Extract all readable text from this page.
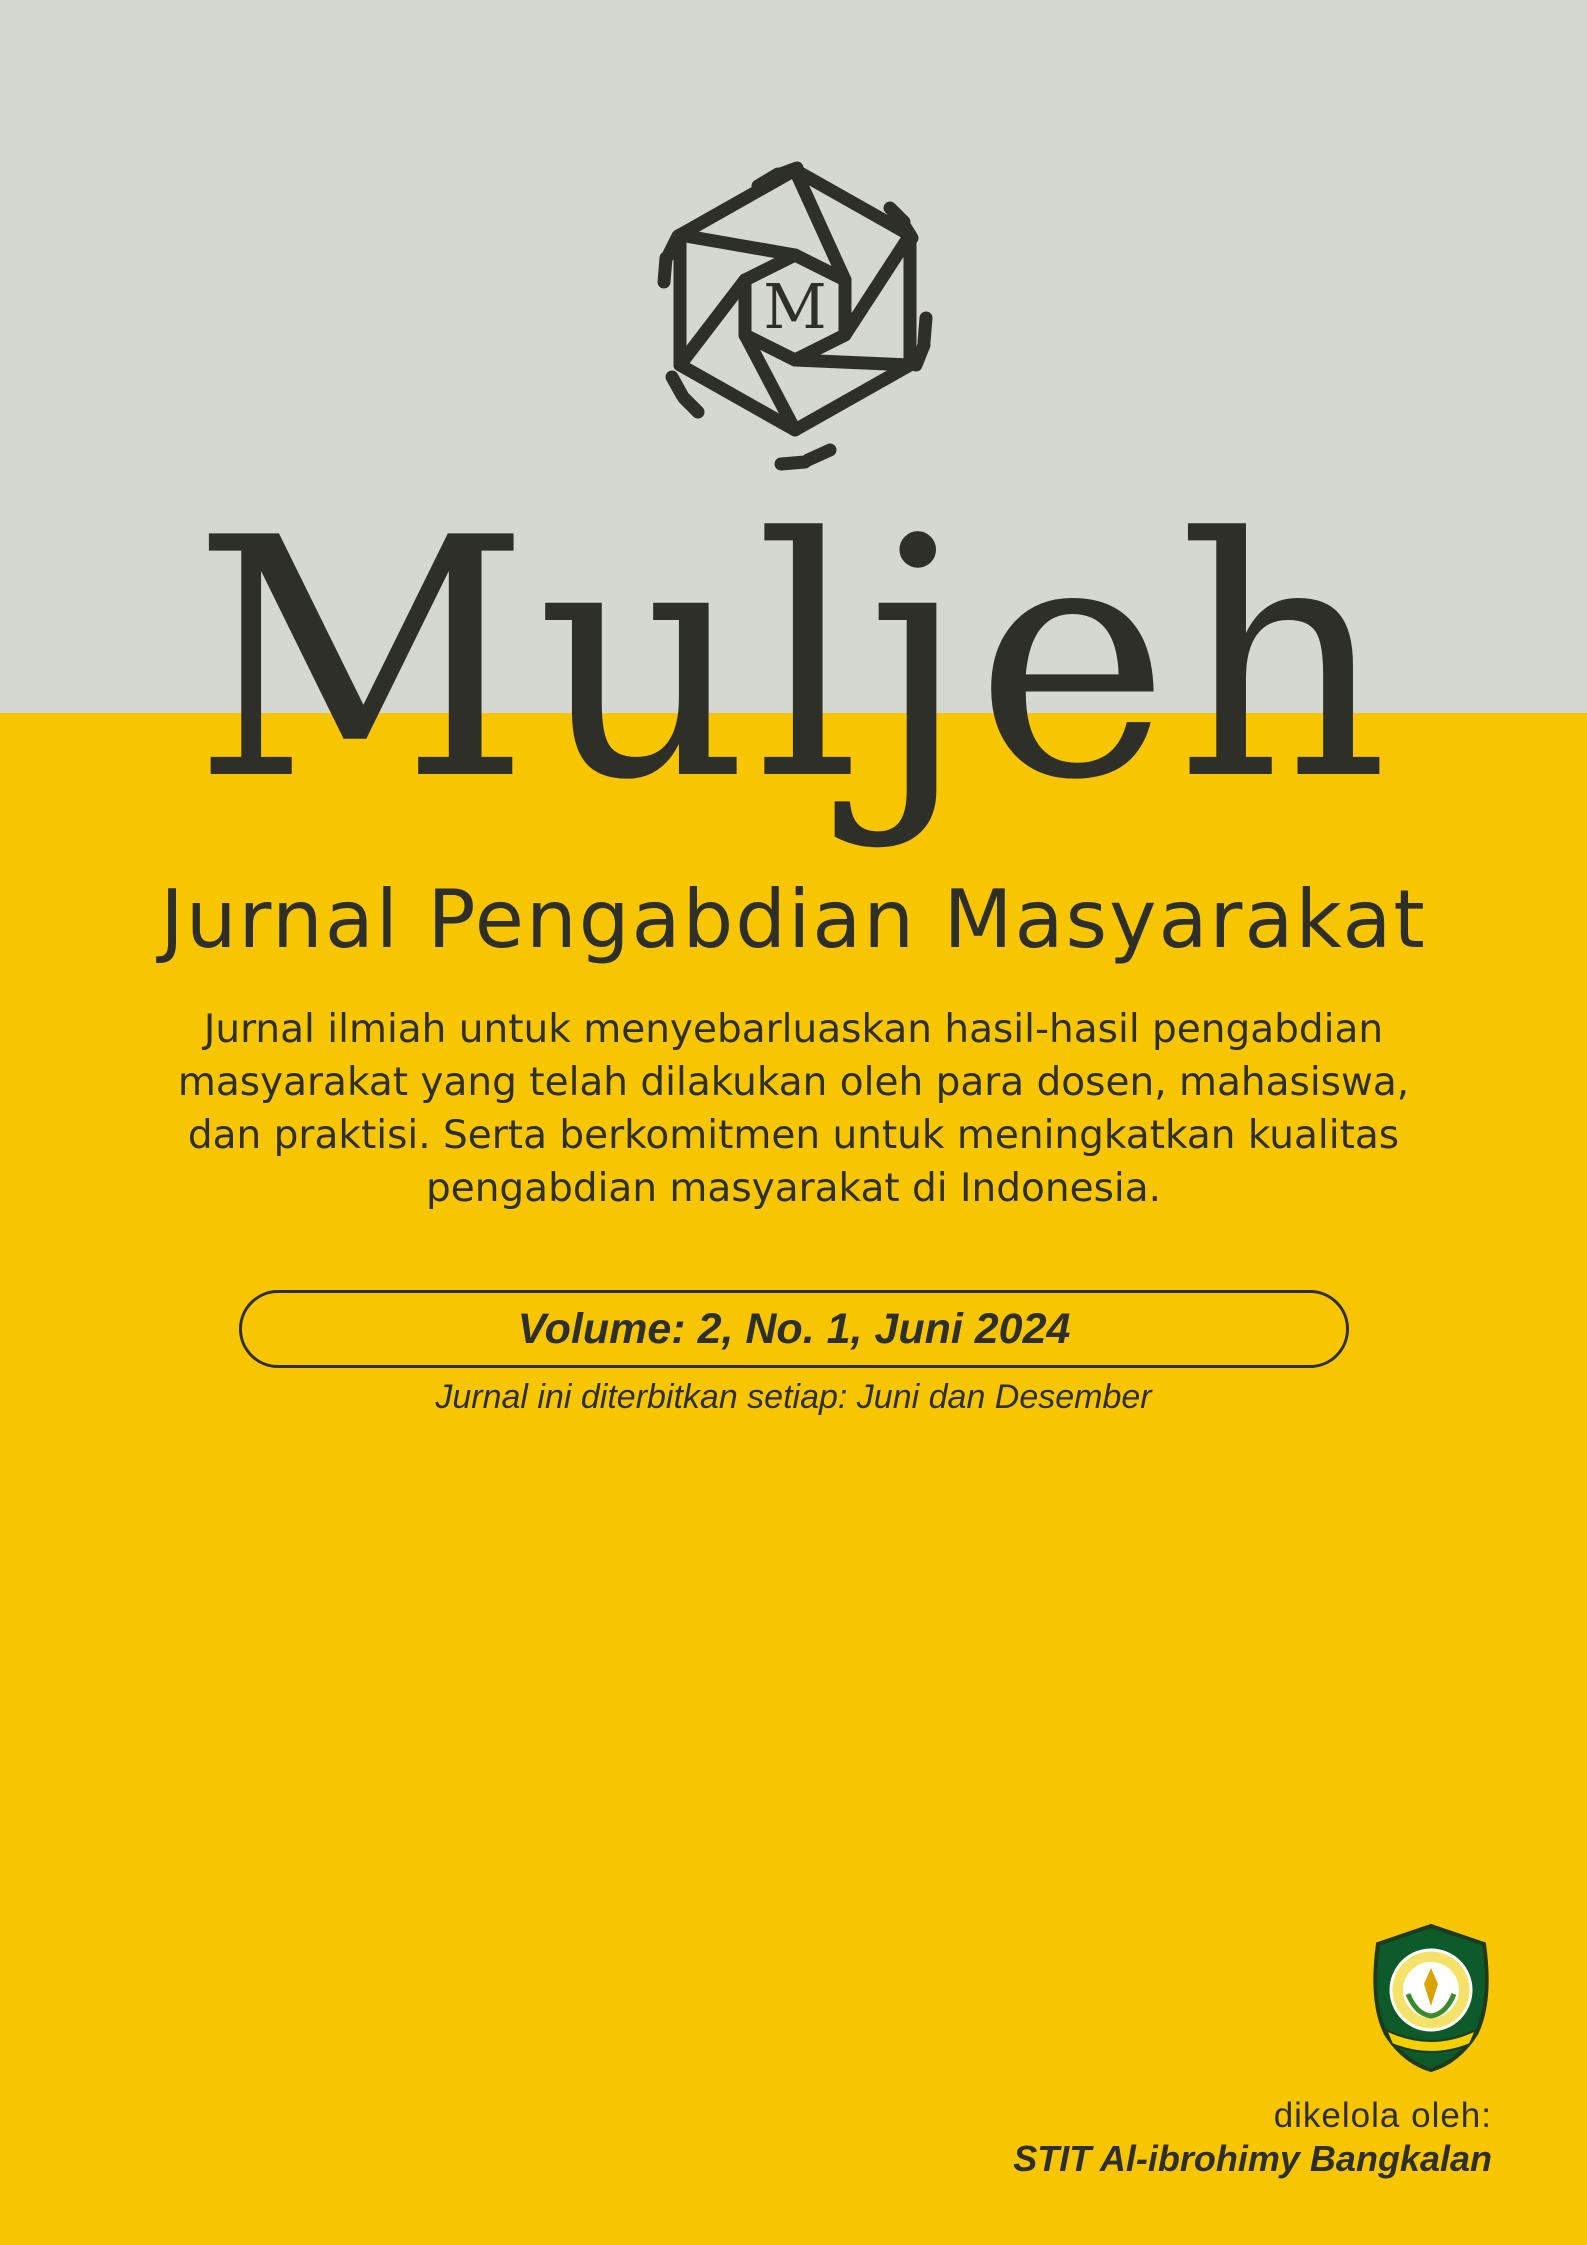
M
Muljeh
Jurnal Pengabdian Masyarakat
Jurnal ilmiah untuk menyebarluaskan hasil-hasil pengabdian
masyarakat yang telah dilakukan oleh para dosen, mahasiswa,
dan praktisi. Serta berkomitmen untuk meningkatkan kualitas
pengabdian masyarakat di Indonesia.
Volume: 2, No. 1, Juni 2024
Jurnal ini diterbitkan setiap: Juni dan Desember
dikelola oleh:
STIT Al-ibrohimy Bangkalan
